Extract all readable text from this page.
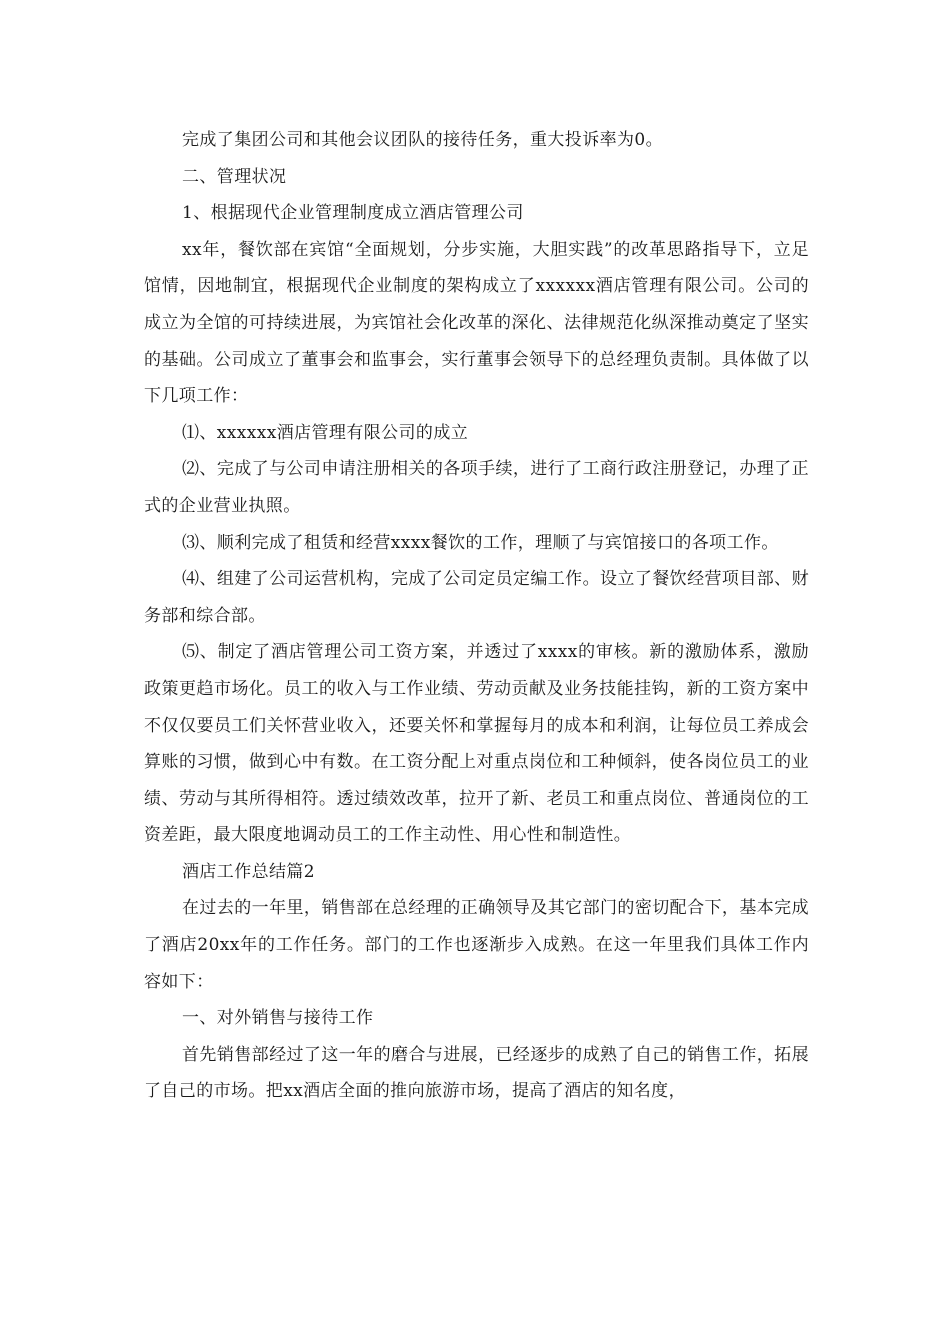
完成了集团公司和其他会议团队的接待任务，重大投诉率为0。

二、管理状况

1、根据现代企业管理制度成立酒店管理公司

xx年，餐饮部在宾馆“全面规划，分步实施，大胆实践”的改革思路指导下，立足馆情，因地制宜，根据现代企业制度的架构成立了xxxxxx酒店管理有限公司。公司的成立为全馆的可持续进展，为宾馆社会化改革的深化、法律规范化纵深推动奠定了坚实的基础。公司成立了董事会和监事会，实行董事会领导下的总经理负责制。具体做了以下几项工作：

⑴、xxxxxx酒店管理有限公司的成立

⑵、完成了与公司申请注册相关的各项手续，进行了工商行政注册登记，办理了正式的企业营业执照。

⑶、顺利完成了租赁和经营xxxx餐饮的工作，理顺了与宾馆接口的各项工作。

⑷、组建了公司运营机构，完成了公司定员定编工作。设立了餐饮经营项目部、财务部和综合部。

⑸、制定了酒店管理公司工资方案，并透过了xxxx的审核。新的激励体系，激励政策更趋市场化。员工的收入与工作业绩、劳动贡献及业务技能挂钩，新的工资方案中不仅仅要员工们关怀营业收入，还要关怀和掌握每月的成本和利润，让每位员工养成会算账的习惯，做到心中有数。在工资分配上对重点岗位和工种倾斜，使各岗位员工的业绩、劳动与其所得相符。透过绩效改革，拉开了新、老员工和重点岗位、普通岗位的工资差距，最大限度地调动员工的工作主动性、用心性和制造性。

酒店工作总结篇2

在过去的一年里，销售部在总经理的正确领导及其它部门的密切配合下，基本完成了酒店20xx年的工作任务。部门的工作也逐渐步入成熟。在这一年里我们具体工作内容如下：

一、对外销售与接待工作

首先销售部经过了这一年的磨合与进展，已经逐步的成熟了自己的销售工作，拓展了自己的市场。把xx酒店全面的推向旅游市场，提高了酒店的知名度，
